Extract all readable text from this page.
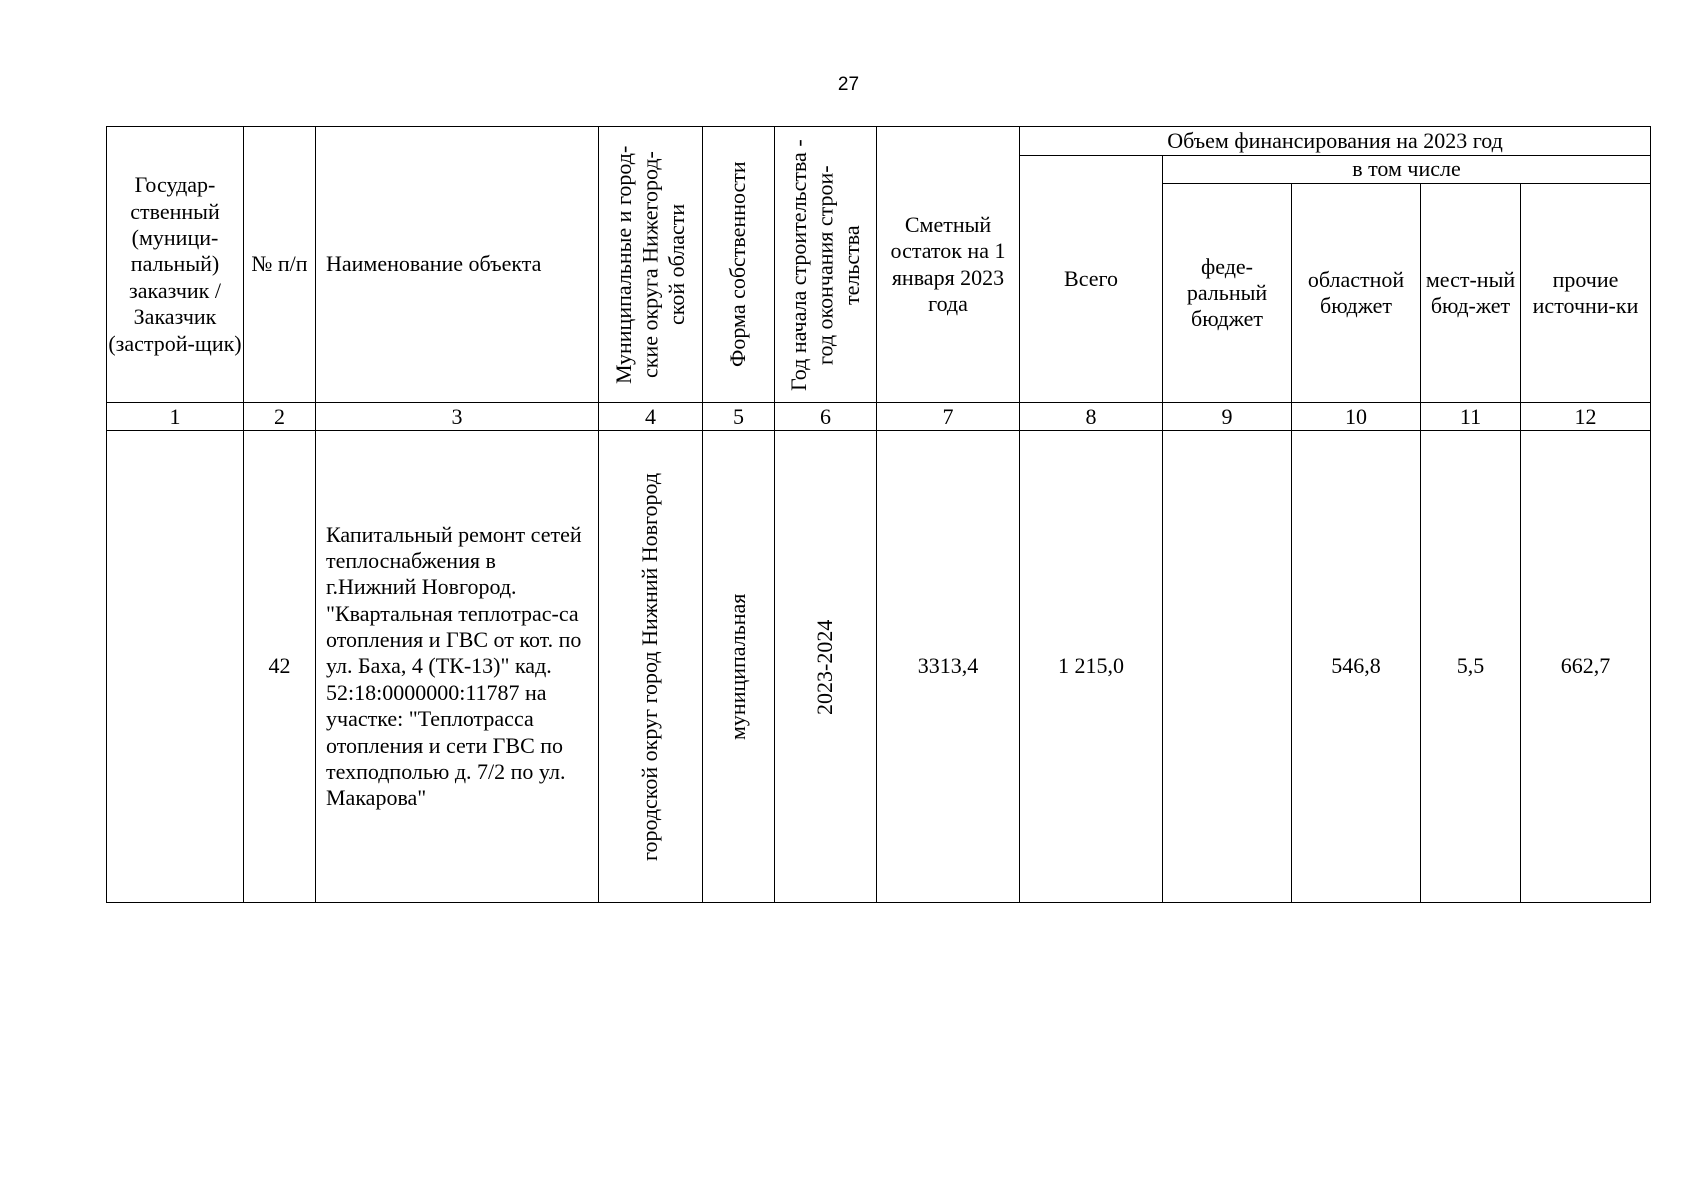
27
Государ-ственный (муници-пальный) заказчик / Заказчик (застрой-щик)	№ п/п	Наименование объекта	Муниципальные и город-ские округа Нижегород-ской области	Форма собственности	Год начала строительства - год окончания строи-тельства	Сметный остаток на 1 января 2023 года	Объем финансирования на 2023 год				
							Всего	в том числе			
								феде-ральный бюджет	областной бюджет	мест-ный бюд-жет	прочие источни-ки
1	2	3	4	5	6	7	8	9	10	11	12
	42	Капитальный ремонт сетей теплоснабжения в г.Нижний Новгород. "Квартальная теплотрас-са отопления и ГВС от кот. по ул. Баха, 4 (ТК-13)" кад. 52:18:0000000:11787 на участке: "Теплотрасса отопления и сети ГВС по техподполью д. 7/2 по ул. Макарова"	городской округ город Нижний Новгород	муниципальная	2023-2024	3313,4	1 215,0		546,8	5,5	662,7
